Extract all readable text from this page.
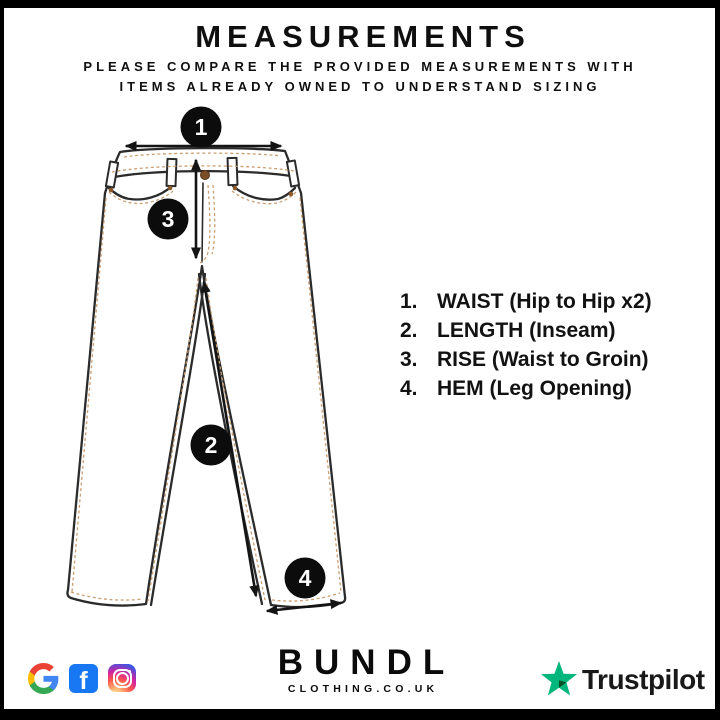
MEASUREMENTS
PLEASE COMPARE THE PROVIDED MEASUREMENTS WITH
ITEMS ALREADY OWNED TO UNDERSTAND SIZING
1
3
2
4
1. WAIST (Hip to Hip x2)
2. LENGTH (Inseam)
3. RISE (Waist to Groin)
4. HEM (Leg Opening)
f	BUNDL
CLOTHING.CO.UK	Trustpilot
